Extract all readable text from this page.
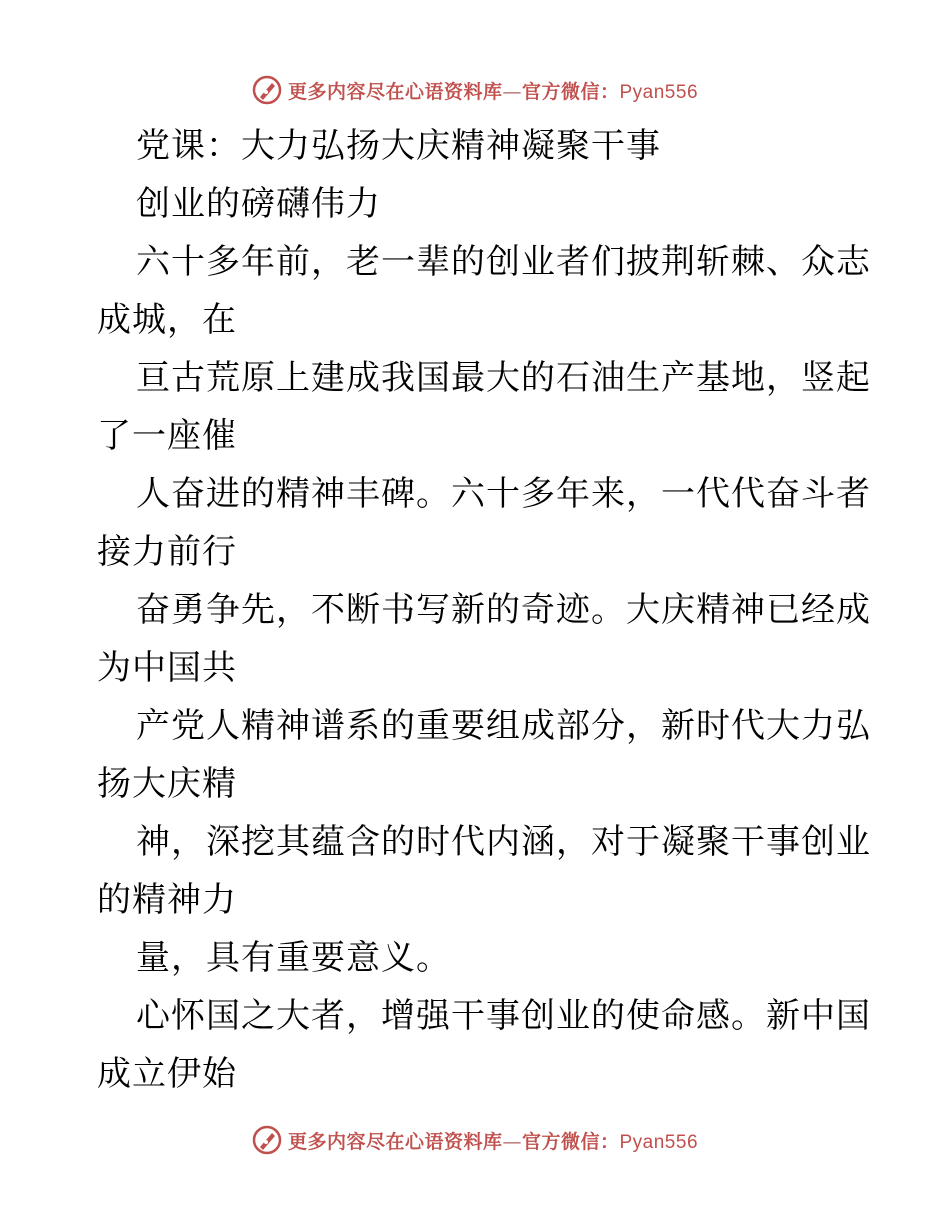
更多内容尽在心语资料库—官方微信：Pyan556
党课：大力弘扬大庆精神凝聚干事
创业的磅礴伟力
六十多年前，老一辈的创业者们披荆斩棘、众志
成城，在
亘古荒原上建成我国最大的石油生产基地，竖起
了一座催
人奋进的精神丰碑。六十多年来，一代代奋斗者
接力前行
奋勇争先，不断书写新的奇迹。大庆精神已经成
为中国共
产党人精神谱系的重要组成部分，新时代大力弘
扬大庆精
神，深挖其蕴含的时代内涵，对于凝聚干事创业
的精神力
量，具有重要意义。
心怀国之大者，增强干事创业的使命感。新中国
成立伊始
更多内容尽在心语资料库—官方微信：Pyan556
